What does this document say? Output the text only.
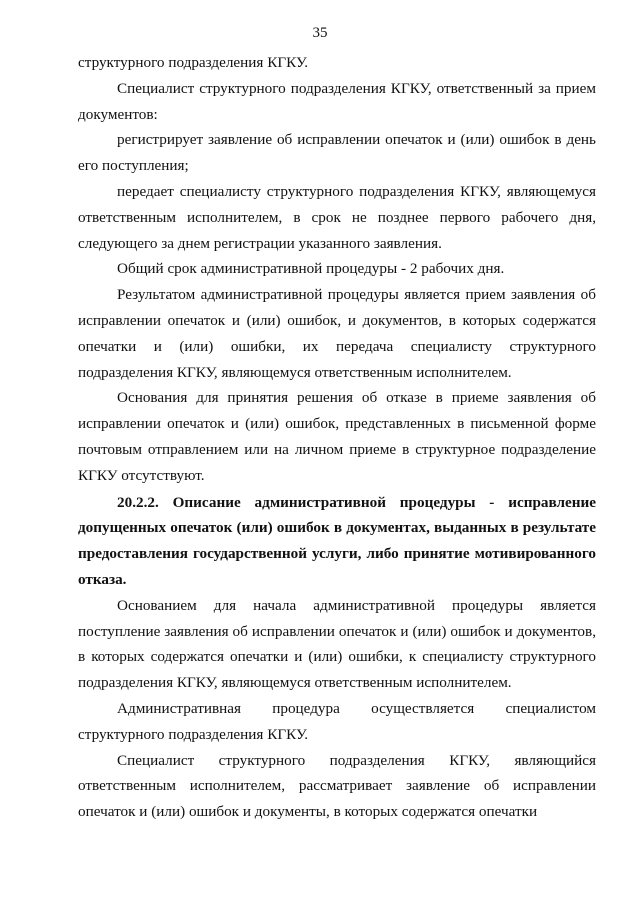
35

структурного подразделения КГКУ.

Специалист структурного подразделения КГКУ, ответственный за прием документов:

регистрирует заявление об исправлении опечаток и (или) ошибок в день его поступления;

передает специалисту структурного подразделения КГКУ, являющемуся ответственным исполнителем, в срок не позднее первого рабочего дня, следующего за днем регистрации указанного заявления.

Общий срок административной процедуры - 2 рабочих дня.

Результатом административной процедуры является прием заявления об исправлении опечаток и (или) ошибок, и документов, в которых содержатся опечатки и (или) ошибки, их передача специалисту структурного подразделения КГКУ, являющемуся ответственным исполнителем.

Основания для принятия решения об отказе в приеме заявления об исправлении опечаток и (или) ошибок, представленных в письменной форме почтовым отправлением или на личном приеме в структурное подразделение КГКУ отсутствуют.

20.2.2. Описание административной процедуры - исправление допущенных опечаток (или) ошибок в документах, выданных в результате предоставления государственной услуги, либо принятие мотивированного отказа.

Основанием для начала административной процедуры является поступление заявления об исправлении опечаток и (или) ошибок и документов, в которых содержатся опечатки и (или) ошибки, к специалисту структурного подразделения КГКУ, являющемуся ответственным исполнителем.

Административная процедура осуществляется специалистом структурного подразделения КГКУ.

Специалист структурного подразделения КГКУ, являющийся ответственным исполнителем, рассматривает заявление об исправлении опечаток и (или) ошибок и документы, в которых содержатся опечатки
